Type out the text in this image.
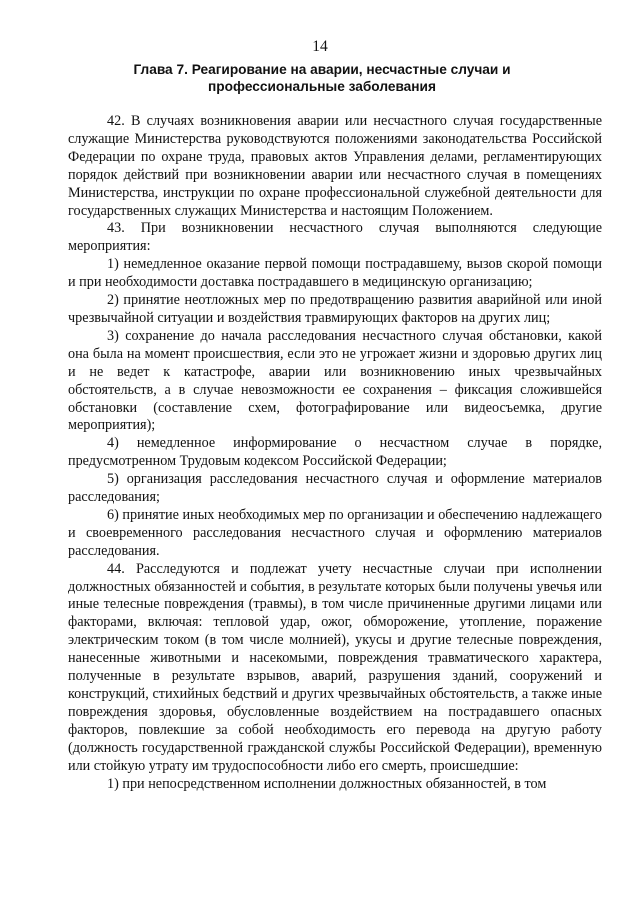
14
Глава 7. Реагирование на аварии, несчастные случаи и профессиональные заболевания

42. В случаях возникновения аварии или несчастного случая государственные служащие Министерства руководствуются положениями законодательства Российской Федерации по охране труда, правовых актов Управления делами, регламентирующих порядок действий при возникновении аварии или несчастного случая в помещениях Министерства, инструкции по охране профессиональной служебной деятельности для государственных служащих Министерства и настоящим Положением.

43. При возникновении несчастного случая выполняются следующие мероприятия:

1) немедленное оказание первой помощи пострадавшему, вызов скорой помощи и при необходимости доставка пострадавшего в медицинскую организацию;

2) принятие неотложных мер по предотвращению развития аварийной или иной чрезвычайной ситуации и воздействия травмирующих факторов на других лиц;

3) сохранение до начала расследования несчастного случая обстановки, какой она была на момент происшествия, если это не угрожает жизни и здоровью других лиц и не ведет к катастрофе, аварии или возникновению иных чрезвычайных обстоятельств, а в случае невозможности ее сохранения – фиксация сложившейся обстановки (составление схем, фотографирование или видеосъемка, другие мероприятия);

4) немедленное информирование о несчастном случае в порядке, предусмотренном Трудовым кодексом Российской Федерации;

5) организация расследования несчастного случая и оформление материалов расследования;

6) принятие иных необходимых мер по организации и обеспечению надлежащего и своевременного расследования несчастного случая и оформлению материалов расследования.

44. Расследуются и подлежат учету несчастные случаи при исполнении должностных обязанностей и события, в результате которых были получены увечья или иные телесные повреждения (травмы), в том числе причиненные другими лицами или факторами, включая: тепловой удар, ожог, обморожение, утопление, поражение электрическим током (в том числе молнией), укусы и другие телесные повреждения, нанесенные животными и насекомыми, повреждения травматического характера, полученные в результате взрывов, аварий, разрушения зданий, сооружений и конструкций, стихийных бедствий и других чрезвычайных обстоятельств, а также иные повреждения здоровья, обусловленные воздействием на пострадавшего опасных факторов, повлекшие за собой необходимость его перевода на другую работу (должность государственной гражданской службы Российской Федерации), временную или стойкую утрату им трудоспособности либо его смерть, происшедшие:

1) при непосредственном исполнении должностных обязанностей, в том
